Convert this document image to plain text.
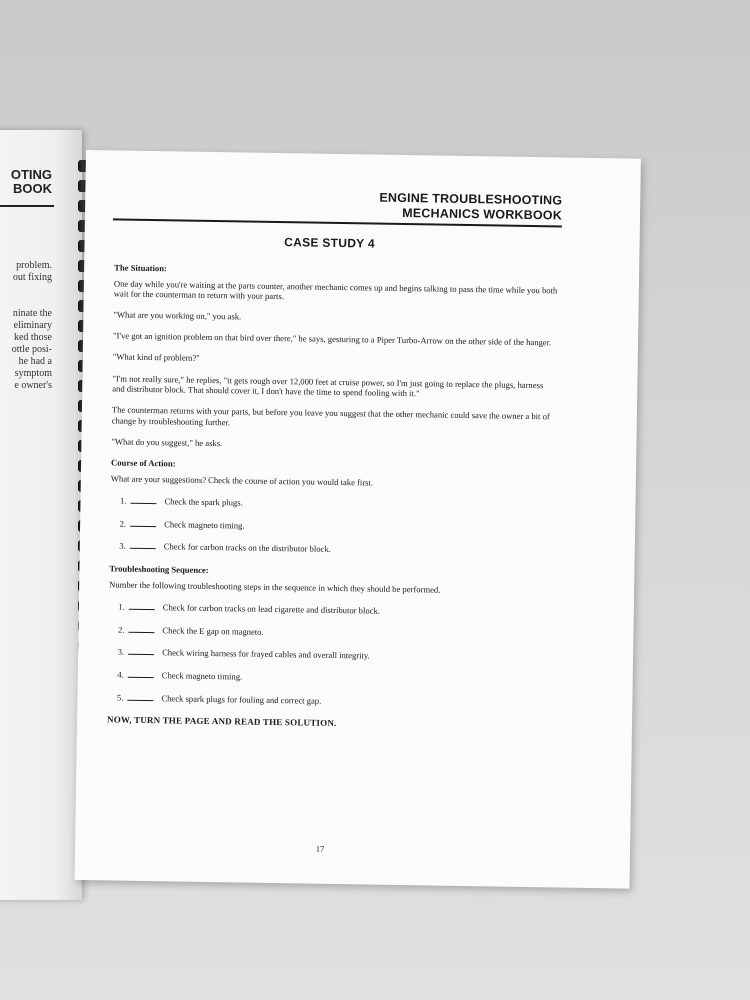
OTING
BOOK
problem.
out fixing
ninate the
eliminary
ked those
ottle posi-
he had a
symptom
e owner's
ENGINE TROUBLESHOOTING
MECHANICS WORKBOOK
CASE STUDY 4

The Situation:

One day while you're waiting at the parts counter, another mechanic comes up and begins talking to pass the time while you both wait for the counterman to return with your parts.

"What are you working on," you ask.

"I've got an ignition problem on that bird over there," he says, gesturing to a Piper Turbo-Arrow on the other side of the hanger.

"What kind of problem?"

"I'm not really sure," he replies, "it gets rough over 12,000 feet at cruise power, so I'm just going to replace the plugs, harness and distributor block. That should cover it, I don't have the time to spend fooling with it."

The counterman returns with your parts, but before you leave you suggest that the other mechanic could save the owner a bit of change by troubleshooting further.

"What do you suggest," he asks.

Course of Action:

What are your suggestions? Check the course of action you would take first.

1.	Check the spark plugs.
2.	Check magneto timing.
3.	Check for carbon tracks on the distributor block.

Troubleshooting Sequence:

Number the following troubleshooting steps in the sequence in which they should be performed.

1.	Check for carbon tracks on lead cigarette and distributor block.
2.	Check the E gap on magneto.
3.	Check wiring harness for frayed cables and overall integrity.
4.	Check magneto timing.
5.	Check spark plugs for fouling and correct gap.

NOW, TURN THE PAGE AND READ THE SOLUTION.

17
